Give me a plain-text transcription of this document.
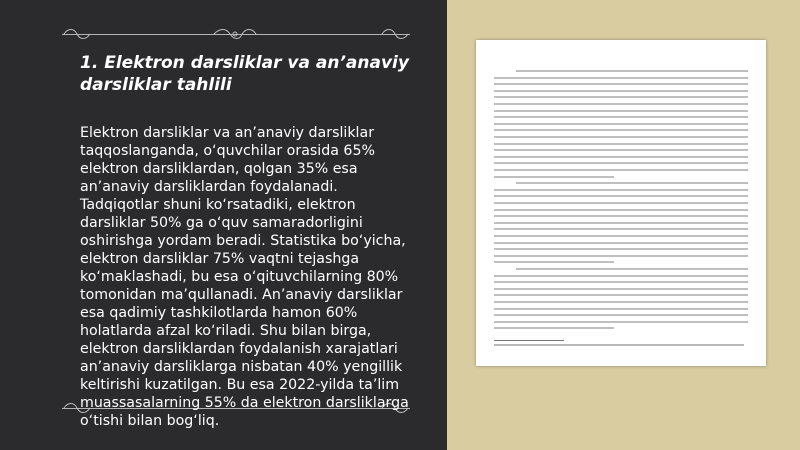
1. Elektron darsliklar va an’anaviy darsliklar tahlili

Elektron darsliklar va an’anaviy darsliklar taqqoslanganda, o‘quvchilar orasida 65% elektron darsliklardan, qolgan 35% esa an’anaviy darsliklardan foydalanadi. Tadqiqotlar shuni ko‘rsatadiki, elektron darsliklar 50% ga o‘quv samaradorligini oshirishga yordam beradi. Statistika bo‘yicha, elektron darsliklar 75% vaqtni tejashga ko‘maklashadi, bu esa o‘qituvchilarning 80% tomonidan ma’qullanadi. An’anaviy darsliklar esa qadimiy tashkilotlarda hamon 60% holatlarda afzal ko‘riladi. Shu bilan birga, elektron darsliklardan foydalanish xarajatlari an’anaviy darsliklarga nisbatan 40% yengillik keltirishi kuzatilgan. Bu esa 2022-yilda ta’lim muassasalarning 55% da elektron darsliklarga o‘tishi bilan bog‘liq.
